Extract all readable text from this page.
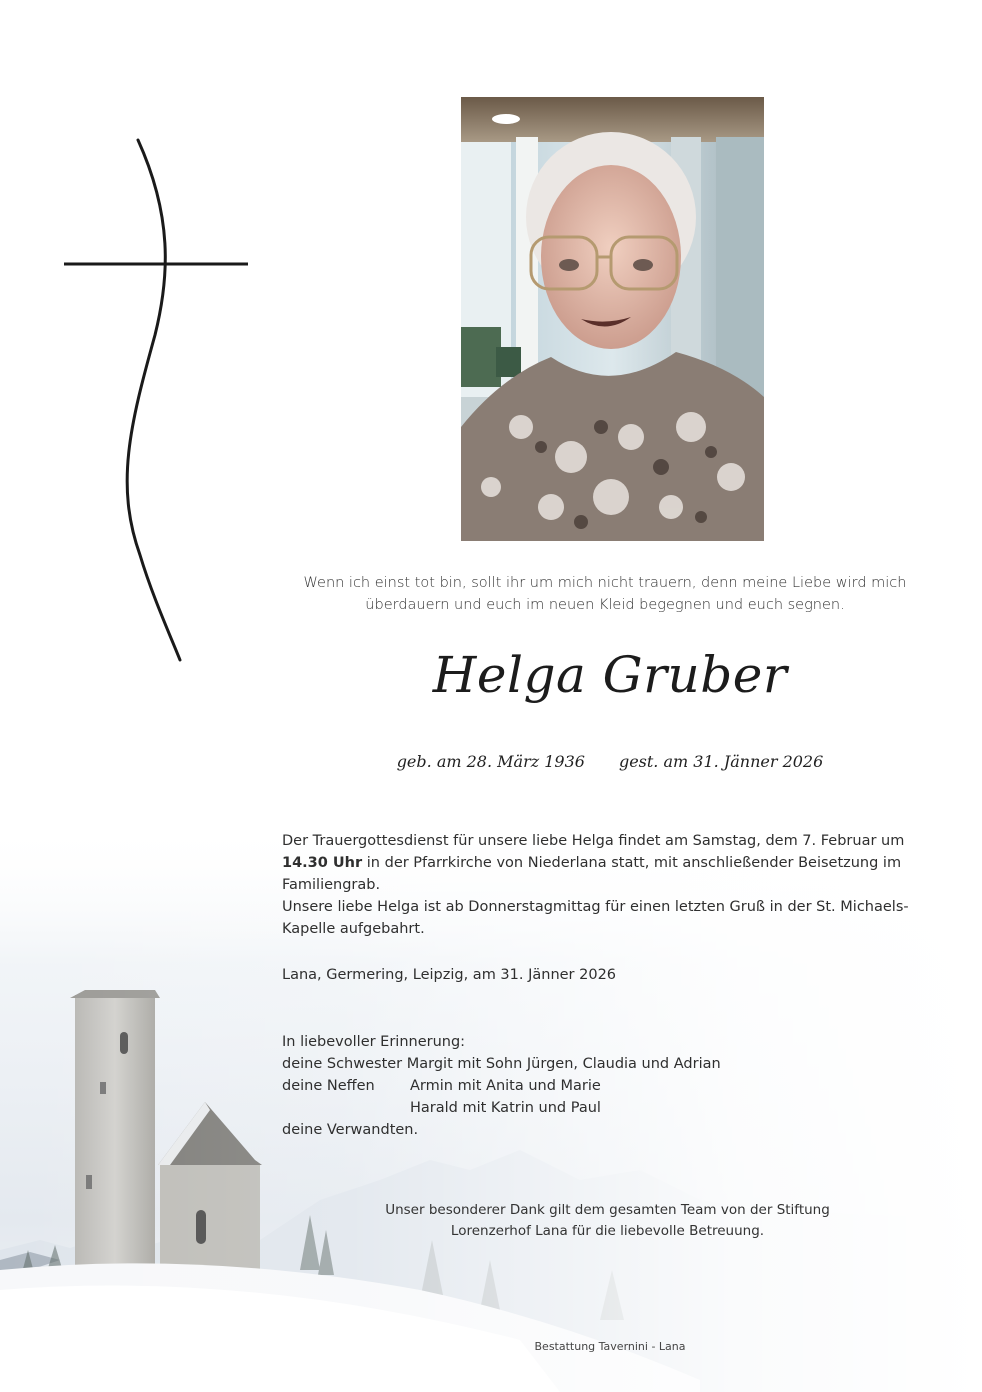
Wenn ich einst tot bin, sollt ihr um mich nicht trauern, denn meine Liebe wird mich
überdauern und euch im neuen Kleid begegnen und euch segnen.
Helga Gruber
geb. am 28. März 1936 gest. am 31. Jänner 2026

Der Trauergottesdienst für unsere liebe Helga findet am Samstag, dem 7. Februar um

14.30 Uhr in der Pfarrkirche von Niederlana statt, mit anschließender Beisetzung im

Familiengrab.

Unsere liebe Helga ist ab Donnerstagmittag für einen letzten Gruß in der St. Michaels-

Kapelle aufgebahrt.

Lana, Germering, Leipzig, am 31. Jänner 2026
In liebevoller Erinnerung:
deine Schwester Margit mit Sohn Jürgen, Claudia und Adrian
deine Neffen	Armin mit Anita und Marie
Harald mit Katrin und Paul
deine Verwandten.
Unser besonderer Dank gilt dem gesamten Team von der Stiftung
Lorenzerhof Lana für die liebevolle Betreuung.
Bestattung Tavernini - Lana
